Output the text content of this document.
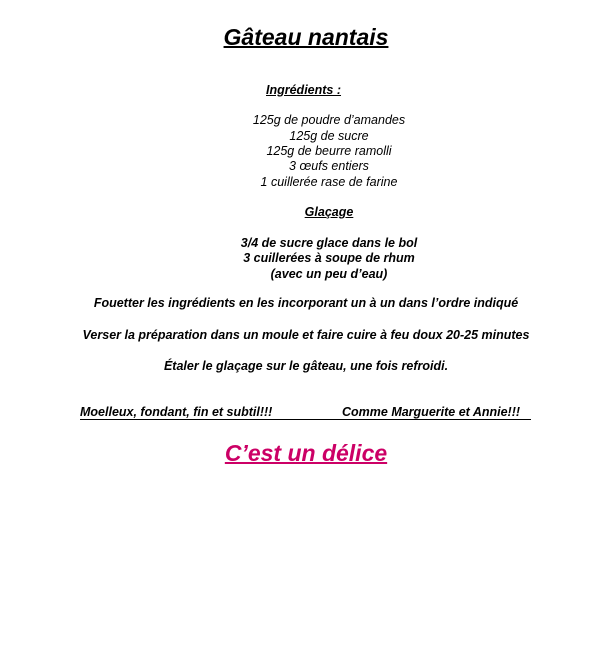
Gâteau nantais
Ingrédients :
125g de poudre d’amandes
125g de sucre
125g de beurre ramolli
3 œufs entiers
1 cuillerée rase de farine
Glaçage
3/4 de sucre glace dans le bol
3 cuillerées à soupe de rhum
(avec un peu d’eau)
Fouetter les ingrédients en les incorporant un à un dans l’ordre indiqué
Verser la préparation dans un moule et faire cuire à feu doux 20-25 minutes
Étaler le glaçage sur le gâteau, une fois refroidi.
Moelleux, fondant, fin et subtil!!!	Comme Marguerite et Annie!!!
C’est un délice
